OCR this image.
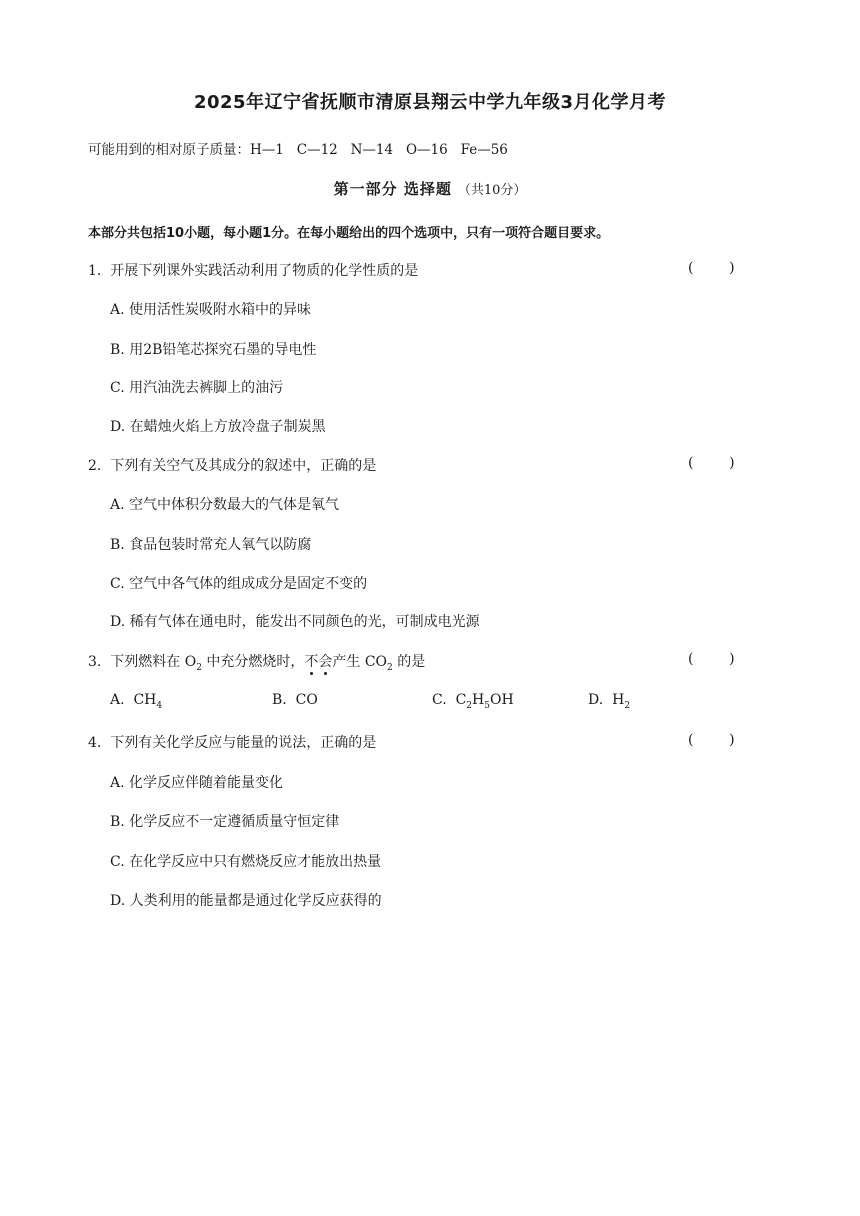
2025年辽宁省抚顺市清原县翔云中学九年级3月化学月考
可能用到的相对原子质量：H—1   C—12   N—14   O—16   Fe—56
第一部分 选择题 （共10分）
本部分共包括10小题，每小题1分。在每小题给出的四个选项中，只有一项符合题目要求。
1. 开展下列课外实践活动利用了物质的化学性质的是	(        )
A. 使用活性炭吸附水箱中的异味
B. 用2B铅笔芯探究石墨的导电性
C. 用汽油洗去裤脚上的油污
D. 在蜡烛火焰上方放冷盘子制炭黑
2. 下列有关空气及其成分的叙述中，正确的是	(        )
A. 空气中体积分数最大的气体是氧气
B. 食品包装时常充人氧气以防腐
C. 空气中各气体的组成成分是固定不变的
D. 稀有气体在通电时，能发出不同颜色的光，可制成电光源
3. 下列燃料在 $O_2$ 中充分燃烧时，不会
产生 $CO_2$ 的是	(        )
A. $CH_4$	B. CO	C. $C_2H_5OH$	D. $H_2$
4. 下列有关化学反应与能量的说法，正确的是	(        )
A. 化学反应伴随着能量变化
B. 化学反应不一定遵循质量守恒定律
C. 在化学反应中只有燃烧反应才能放出热量
D. 人类利用的能量都是通过化学反应获得的
